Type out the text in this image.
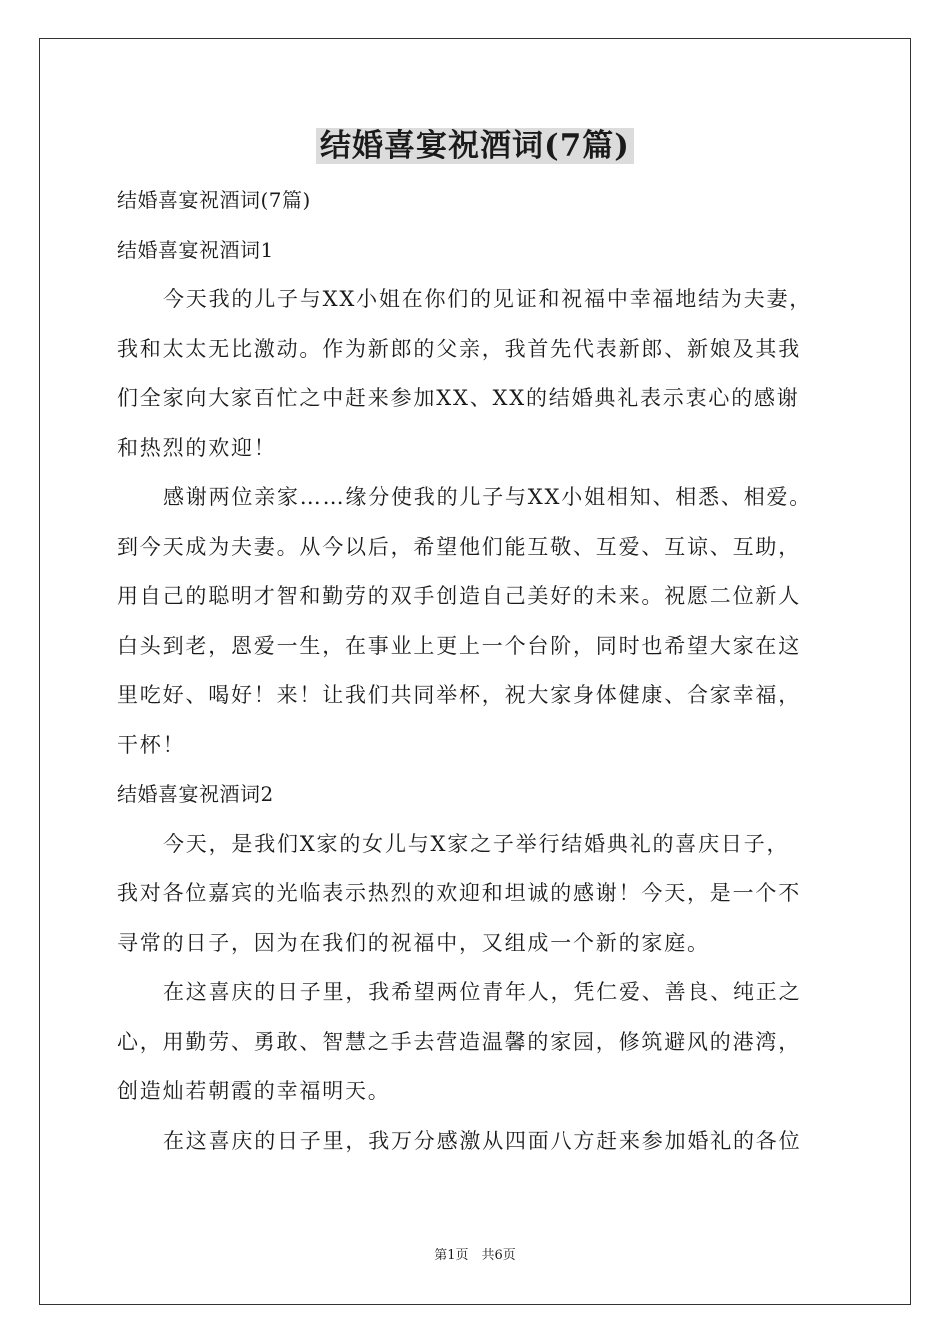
结婚喜宴祝酒词(7篇)
结婚喜宴祝酒词(7篇)
结婚喜宴祝酒词1
今天我的儿子与XX小姐在你们的见证和祝福中幸福地结为夫妻，
我和太太无比激动。作为新郎的父亲，我首先代表新郎、新娘及其我
们全家向大家百忙之中赶来参加XX、XX的结婚典礼表示衷心的感谢
和热烈的欢迎！
感谢两位亲家……缘分使我的儿子与XX小姐相知、相悉、相爱。
到今天成为夫妻。从今以后，希望他们能互敬、互爱、互谅、互助，
用自己的聪明才智和勤劳的双手创造自己美好的未来。祝愿二位新人
白头到老，恩爱一生，在事业上更上一个台阶，同时也希望大家在这
里吃好、喝好！来！让我们共同举杯，祝大家身体健康、合家幸福，
干杯！
结婚喜宴祝酒词2
今天，是我们X家的女儿与X家之子举行结婚典礼的喜庆日子，
我对各位嘉宾的光临表示热烈的欢迎和坦诚的感谢！今天，是一个不
寻常的日子，因为在我们的祝福中，又组成一个新的家庭。
在这喜庆的日子里，我希望两位青年人，凭仁爱、善良、纯正之
心，用勤劳、勇敢、智慧之手去营造温馨的家园，修筑避风的港湾，
创造灿若朝霞的幸福明天。
在这喜庆的日子里，我万分感激从四面八方赶来参加婚礼的各位
第1页　共6页
